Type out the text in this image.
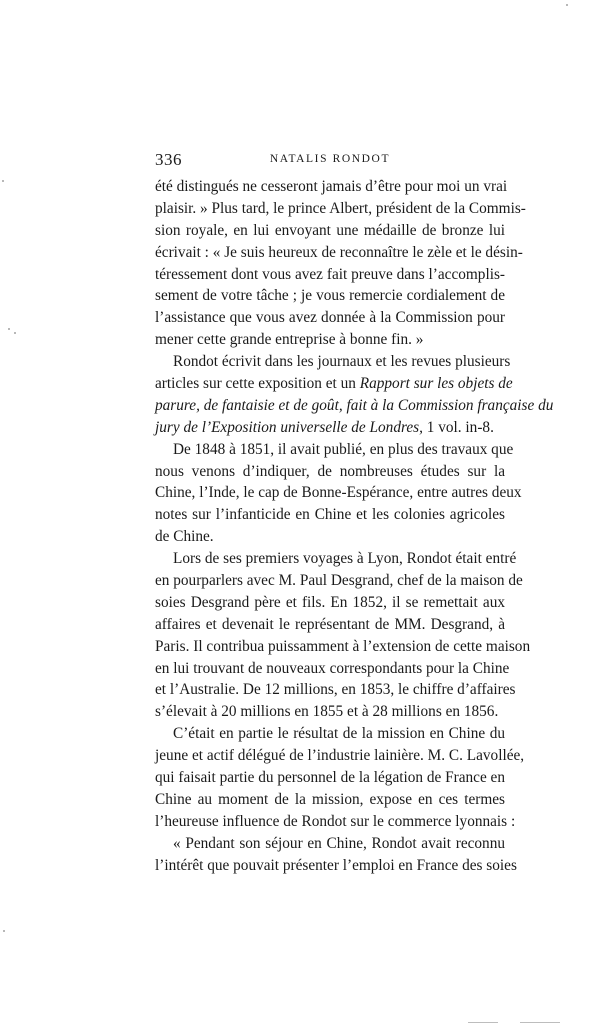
336	NATALIS RONDOT
été distingués ne cesseront jamais d’être pour moi un vrai
plaisir. » Plus tard, le prince Albert, président de la Commis-
sion royale, en lui envoyant une médaille de bronze lui
écrivait : « Je suis heureux de reconnaître le zèle et le désin-
téressement dont vous avez fait preuve dans l’accomplis-
sement de votre tâche ; je vous remercie cordialement de
l’assistance que vous avez donnée à la Commission pour
mener cette grande entreprise à bonne fin. »
Rondot écrivit dans les journaux et les revues plusieurs
articles sur cette exposition et un Rapport sur les objets de
parure, de fantaisie et de goût, fait à la Commission française du
jury de l’Exposition universelle de Londres, 1 vol. in-8.
De 1848 à 1851, il avait publié, en plus des travaux que
nous venons d’indiquer, de nombreuses études sur la
Chine, l’Inde, le cap de Bonne-Espérance, entre autres deux
notes sur l’infanticide en Chine et les colonies agricoles
de Chine.
Lors de ses premiers voyages à Lyon, Rondot était entré
en pourparlers avec M. Paul Desgrand, chef de la maison de
soies Desgrand père et fils. En 1852, il se remettait aux
affaires et devenait le représentant de MM. Desgrand, à
Paris. Il contribua puissamment à l’extension de cette maison
en lui trouvant de nouveaux correspondants pour la Chine
et l’Australie. De 12 millions, en 1853, le chiffre d’affaires
s’élevait à 20 millions en 1855 et à 28 millions en 1856.
C’était en partie le résultat de la mission en Chine du
jeune et actif délégué de l’industrie lainière. M. C. Lavollée,
qui faisait partie du personnel de la légation de France en
Chine au moment de la mission, expose en ces termes
l’heureuse influence de Rondot sur le commerce lyonnais :
« Pendant son séjour en Chine, Rondot avait reconnu
l’intérêt que pouvait présenter l’emploi en France des soies
